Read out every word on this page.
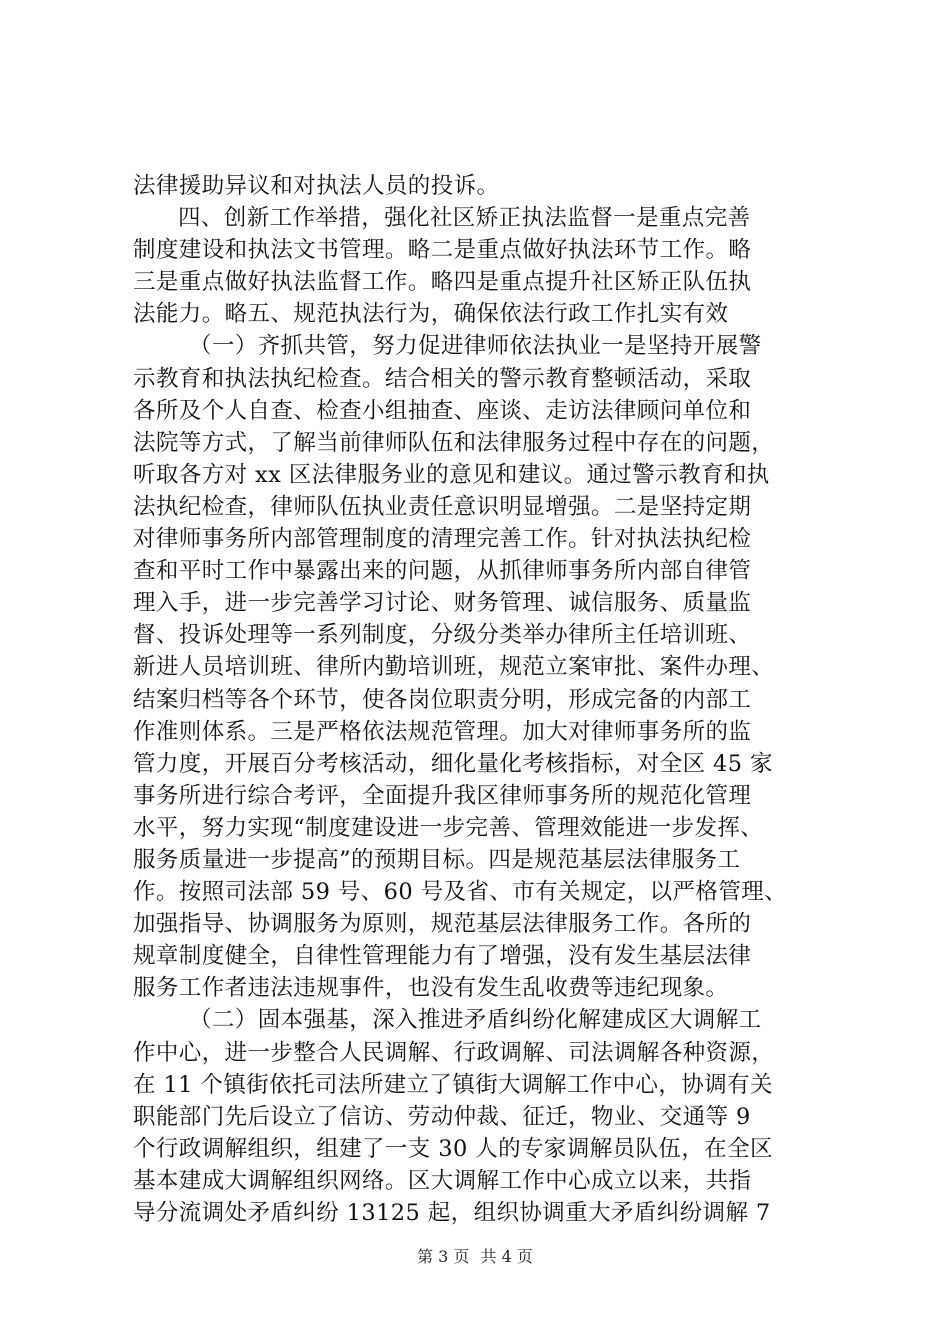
法律援助异议和对执法人员的投诉。
四、创新工作举措，强化社区矫正执法监督一是重点完善
制度建设和执法文书管理。略二是重点做好执法环节工作。略
三是重点做好执法监督工作。略四是重点提升社区矫正队伍执
法能力。略五、规范执法行为，确保依法行政工作扎实有效
（一）齐抓共管，努力促进律师依法执业一是坚持开展警
示教育和执法执纪检查。结合相关的警示教育整顿活动，采取
各所及个人自查、检查小组抽查、座谈、走访法律顾问单位和
法院等方式，了解当前律师队伍和法律服务过程中存在的问题，
听取各方对 xx 区法律服务业的意见和建议。通过警示教育和执
法执纪检查，律师队伍执业责任意识明显增强。二是坚持定期
对律师事务所内部管理制度的清理完善工作。针对执法执纪检
查和平时工作中暴露出来的问题，从抓律师事务所内部自律管
理入手，进一步完善学习讨论、财务管理、诚信服务、质量监
督、投诉处理等一系列制度，分级分类举办律所主任培训班、
新进人员培训班、律所内勤培训班，规范立案审批、案件办理、
结案归档等各个环节，使各岗位职责分明，形成完备的内部工
作准则体系。三是严格依法规范管理。加大对律师事务所的监
管力度，开展百分考核活动，细化量化考核指标，对全区 45 家
事务所进行综合考评，全面提升我区律师事务所的规范化管理
水平，努力实现“制度建设进一步完善、管理效能进一步发挥、
服务质量进一步提高”的预期目标。四是规范基层法律服务工
作。按照司法部 59 号、60 号及省、市有关规定，以严格管理、
加强指导、协调服务为原则，规范基层法律服务工作。各所的
规章制度健全，自律性管理能力有了增强，没有发生基层法律
服务工作者违法违规事件，也没有发生乱收费等违纪现象。
（二）固本强基，深入推进矛盾纠纷化解建成区大调解工
作中心，进一步整合人民调解、行政调解、司法调解各种资源，
在 11 个镇街依托司法所建立了镇街大调解工作中心，协调有关
职能部门先后设立了信访、劳动仲裁、征迁，物业、交通等 9
个行政调解组织，组建了一支 30 人的专家调解员队伍，在全区
基本建成大调解组织网络。区大调解工作中心成立以来，共指
导分流调处矛盾纠纷 13125 起，组织协调重大矛盾纠纷调解 7
第 3 页 共 4 页
